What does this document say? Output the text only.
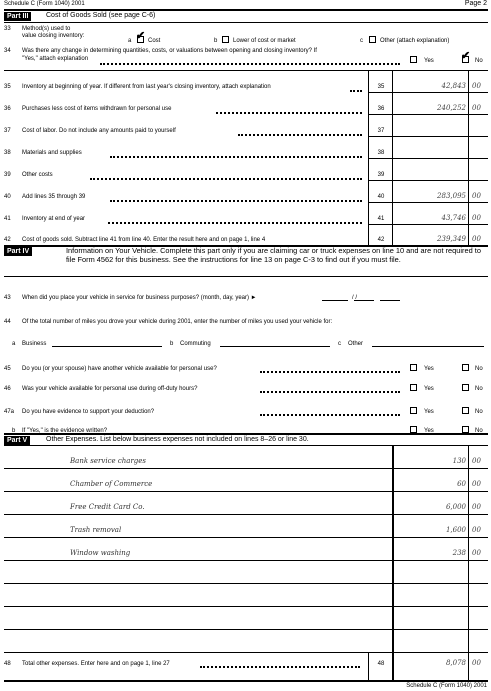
Schedule C (Form 1040) 2001	Page 2
Part III	Cost of Goods Sold (see page C-6)
33 Method(s) used to
value closing inventory:
a ✔ Cost	b	Lower of cost or market	c	Other (attach explanation)
34 Was there any change in determining quantities, costs, or valuations between opening and closing inventory? If
"Yes," attach explanation	Yes ✔ No
35 Inventory at beginning of year. If different from last year's closing inventory, attach explanation	35	42,843 00
36 Purchases less cost of items withdrawn for personal use	36	240,252 00
37 Cost of labor. Do not include any amounts paid to yourself	37
38 Materials and supplies	38
39 Other costs	39
40 Add lines 35 through 39	40	283,095 00
41 Inventory at end of year	41	43,746 00
42 Cost of goods sold. Subtract line 41 from line 40. Enter the result here and on page 1, line 4	42	239,349 00
Part IV	Information on Your Vehicle. Complete this part only if you are claiming car or truck expenses on line 10 and are not required to file Form 4562 for this business. See the instructions for line 13 on page C-3 to find out if you must file.
43 When did you place your vehicle in service for business purposes? (month, day, year) ►	/ /
44 Of the total number of miles you drove your vehicle during 2001, enter the number of miles you used your vehicle for:
a Business	b Commuting	c Other
45 Do you (or your spouse) have another vehicle available for personal use?	Yes	No
46 Was your vehicle available for personal use during off-duty hours?	Yes	No
47a Do you have evidence to support your deduction?	Yes	No
b If "Yes," is the evidence written?	Yes	No
Part V	Other Expenses. List below business expenses not included on lines 8–26 or line 30.
Bank service charges	130 00
Chamber of Commerce	60 00
Free Credit Card Co.	6,000 00
Trash removal	1,600 00
Window washing	238 00
48 Total other expenses. Enter here and on page 1, line 27	48	8,078 00
Schedule C (Form 1040) 2001
